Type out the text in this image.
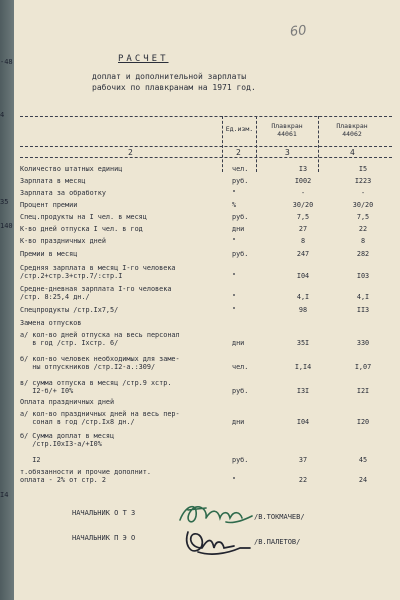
-48
4
35
140
I4
60
РАСЧЕТ
доплат и дополнительной зарплаты
рабочих по плавкранам на 1971 год.
Ед.изм.	Плавкран
44061
Плавкран
44062
2	2	3	4
Количество штатных единиц	чел.	I3	I5
Зарплата в месяц	руб.	I002	I223
Зарплата за обработку	"	-	-
Процент премии	%	30/20	30/20
Спец.продукты на I чел. в месяц	руб.	7,5	7,5
К-во дней отпуска I чел. в год	дни	27	22
К-во праздничных дней	"	8	8
Премии в месяц	руб.	247	282
Средняя зарплата в месяц I-го человека
/стр.2+стр.3+стр.7/:стр.I	"	I04	I03
Средне-дневная зарплата I-го человека
/стр. 8:25,4 дн./	"	4,I	4,I
Спецпродукты /стр.Iх7,5/	"	98	II3
Замена отпусков
а/ кол-во дней отпуска на весь персонал
в год /стр. Iхстр. 6/	дни	35I	330
б/ кол-во человек необходимых для заме-
ны отпускников /стр.I2-а.:309/	чел.	I,I4	I,07
в/ сумма отпуска в месяц /стр.9 хстр.
I2-б/+ I0%	руб.	I3I	I2I
Оплата праздничных дней
а/ кол-во праздничных дней на весь пер-
сонал в год /стр.Iх8 дн./	дни	I04	I20
б/ Сумма доплат в месяц
/стр.I0хI3-а/+I0%
I2	руб.	37	45
т.обязанности и прочие дополнит.
оплата - 2% от стр. 2	"	22	24
НАЧАЛЬНИК О Т З	/В.ТОКМАЧЕВ/
НАЧАЛЬНИК П Э О	/В.ПАЛЕТОВ/
